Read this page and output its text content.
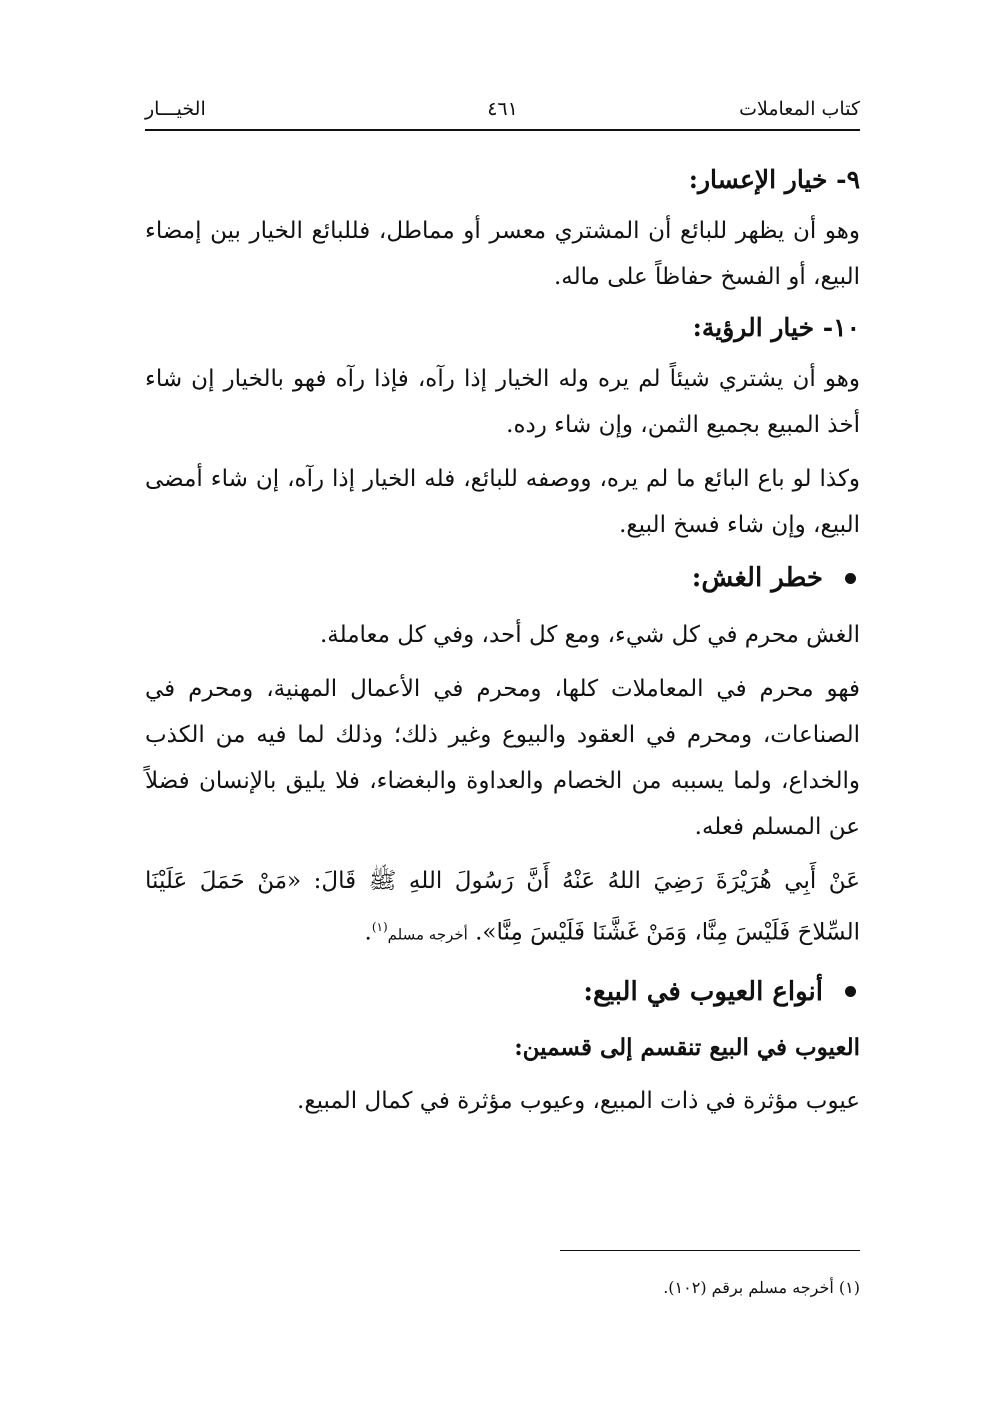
كتاب المعاملات
٤٦١
الخيـــار
٩- خيار الإعسار:

وهو أن يظهر للبائع أن المشتري معسر أو مماطل، فللبائع الخيار بين إمضاء البيع، أو الفسخ حفاظاً على ماله.

١٠- خيار الرؤية:

وهو أن يشتري شيئاً لم يره وله الخيار إذا رآه، فإذا رآه فهو بالخيار إن شاء أخذ المبيع بجميع الثمن، وإن شاء رده.

وكذا لو باع البائع ما لم يره، ووصفه للبائع، فله الخيار إذا رآه، إن شاء أمضى البيع، وإن شاء فسخ البيع.

خطر الغش:

الغش محرم في كل شيء، ومع كل أحد، وفي كل معاملة.

فهو محرم في المعاملات كلها، ومحرم في الأعمال المهنية، ومحرم في الصناعات، ومحرم في العقود والبيوع وغير ذلك؛ وذلك لما فيه من الكذب والخداع، ولما يسببه من الخصام والعداوة والبغضاء، فلا يليق بالإنسان فضلاً عن المسلم فعله.

عَنْ أَبِي هُرَيْرَةَ رَضِيَ اللهُ عَنْهُ أَنَّ رَسُولَ اللهِ ﷺ قَالَ: «مَنْ حَمَلَ عَلَيْنَا السِّلاحَ فَلَيْسَ مِنَّا، وَمَنْ غَشَّنَا فَلَيْسَ مِنَّا». أخرجه مسلم$^{(١)}$.

أنواع العيوب في البيع:
العيوب في البيع تنقسم إلى قسمين:

عيوب مؤثرة في ذات المبيع، وعيوب مؤثرة في كمال المبيع.

(١) أخرجه مسلم برقم (١٠٢).
